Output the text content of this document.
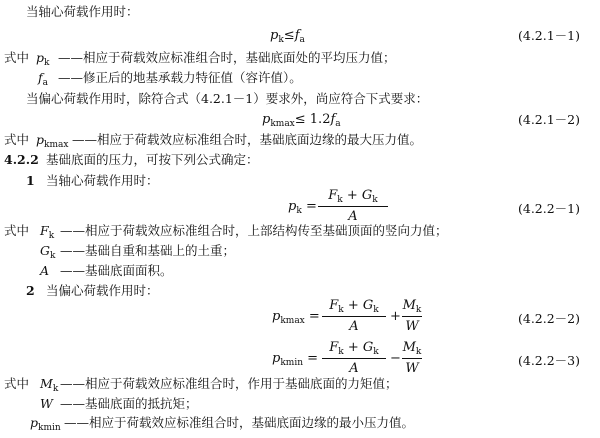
当轴心荷载作用时：
$p_k\le f_a$	(4.2.1－1)
式中 $p_k$ ——相应于荷载效应标准组合时，基础底面处的平均压力值；
$f_a$ ——修正后的地基承载力特征值（容许值）。
当偏心荷载作用时，除符合式（4.2.1－1）要求外，尚应符合下式要求：
$p_{kmax}\le 1.2f_a$	(4.2.1－2)
式中 $p_{kmax}$ ——相应于荷载效应标准组合时，基础底面边缘的最大压力值。
4.2.2 基础底面的压力，可按下列公式确定：
1 当轴心荷载作用时：
$p_k$ =
$F_k + G_k$
A
(4.2.2－1)
式中 $F_k$ ——相应于荷载效应标准组合时，上部结构传至基础顶面的竖向力值；
$G_k$ ——基础自重和基础上的土重；
A ——基础底面面积。
2 当偏心荷载作用时：
$p_{kmax}$ =
$F_k + G_k$
A
+
$M_k$
W
(4.2.2－2)
$p_{kmin}$ =
$F_k + G_k$
A
−
$M_k$
W
(4.2.2－3)
式中 $M_k$ ——相应于荷载效应标准组合时，作用于基础底面的力矩值；
W ——基础底面的抵抗矩；
$p_{kmin}$ ——相应于荷载效应标准组合时，基础底面边缘的最小压力值。
